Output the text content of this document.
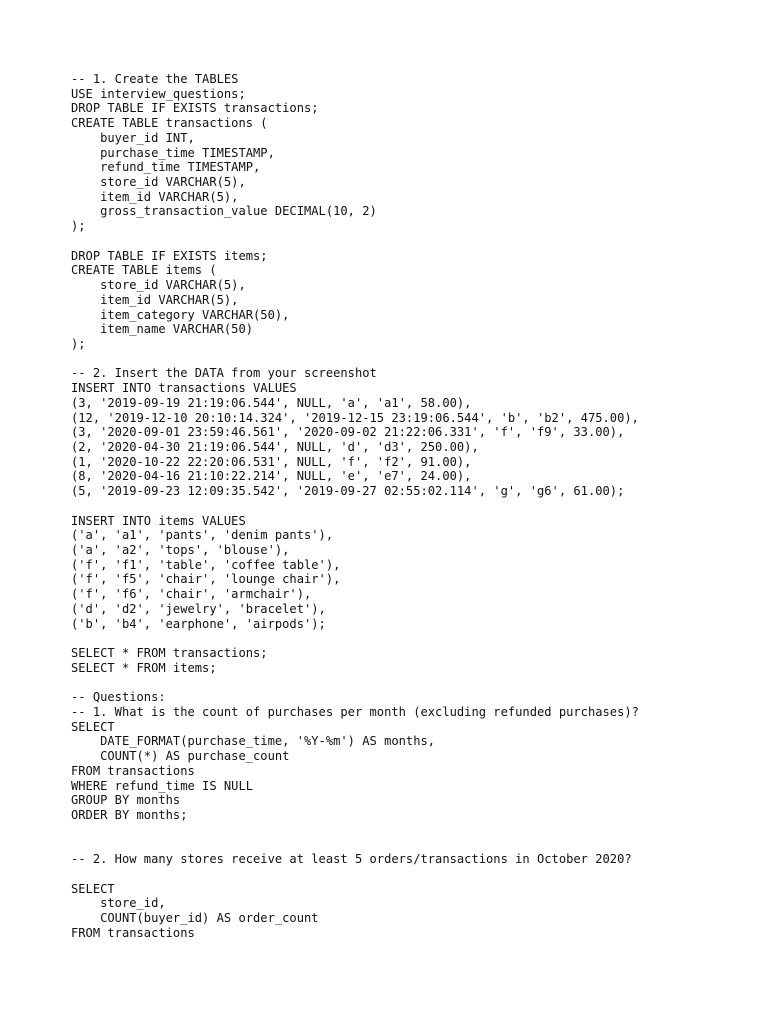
-- 1. Create the TABLES
USE interview_questions;
DROP TABLE IF EXISTS transactions;
CREATE TABLE transactions (
buyer_id INT,
purchase_time TIMESTAMP,
refund_time TIMESTAMP,
store_id VARCHAR(5),
item_id VARCHAR(5),
gross_transaction_value DECIMAL(10, 2)
);
DROP TABLE IF EXISTS items;
CREATE TABLE items (
store_id VARCHAR(5),
item_id VARCHAR(5),
item_category VARCHAR(50),
item_name VARCHAR(50)
);
-- 2. Insert the DATA from your screenshot
INSERT INTO transactions VALUES
(3, '2019-09-19 21:19:06.544', NULL, 'a', 'a1', 58.00),
(12, '2019-12-10 20:10:14.324', '2019-12-15 23:19:06.544', 'b', 'b2', 475.00),
(3, '2020-09-01 23:59:46.561', '2020-09-02 21:22:06.331', 'f', 'f9', 33.00),
(2, '2020-04-30 21:19:06.544', NULL, 'd', 'd3', 250.00),
(1, '2020-10-22 22:20:06.531', NULL, 'f', 'f2', 91.00),
(8, '2020-04-16 21:10:22.214', NULL, 'e', 'e7', 24.00),
(5, '2019-09-23 12:09:35.542', '2019-09-27 02:55:02.114', 'g', 'g6', 61.00);
INSERT INTO items VALUES
('a', 'a1', 'pants', 'denim pants'),
('a', 'a2', 'tops', 'blouse'),
('f', 'f1', 'table', 'coffee table'),
('f', 'f5', 'chair', 'lounge chair'),
('f', 'f6', 'chair', 'armchair'),
('d', 'd2', 'jewelry', 'bracelet'),
('b', 'b4', 'earphone', 'airpods');
SELECT * FROM transactions;
SELECT * FROM items;
-- Questions:
-- 1. What is the count of purchases per month (excluding refunded purchases)?
SELECT
DATE_FORMAT(purchase_time, '%Y-%m') AS months,
COUNT(*) AS purchase_count
FROM transactions
WHERE refund_time IS NULL
GROUP BY months
ORDER BY months;
-- 2. How many stores receive at least 5 orders/transactions in October 2020?
SELECT
store_id,
COUNT(buyer_id) AS order_count
FROM transactions
